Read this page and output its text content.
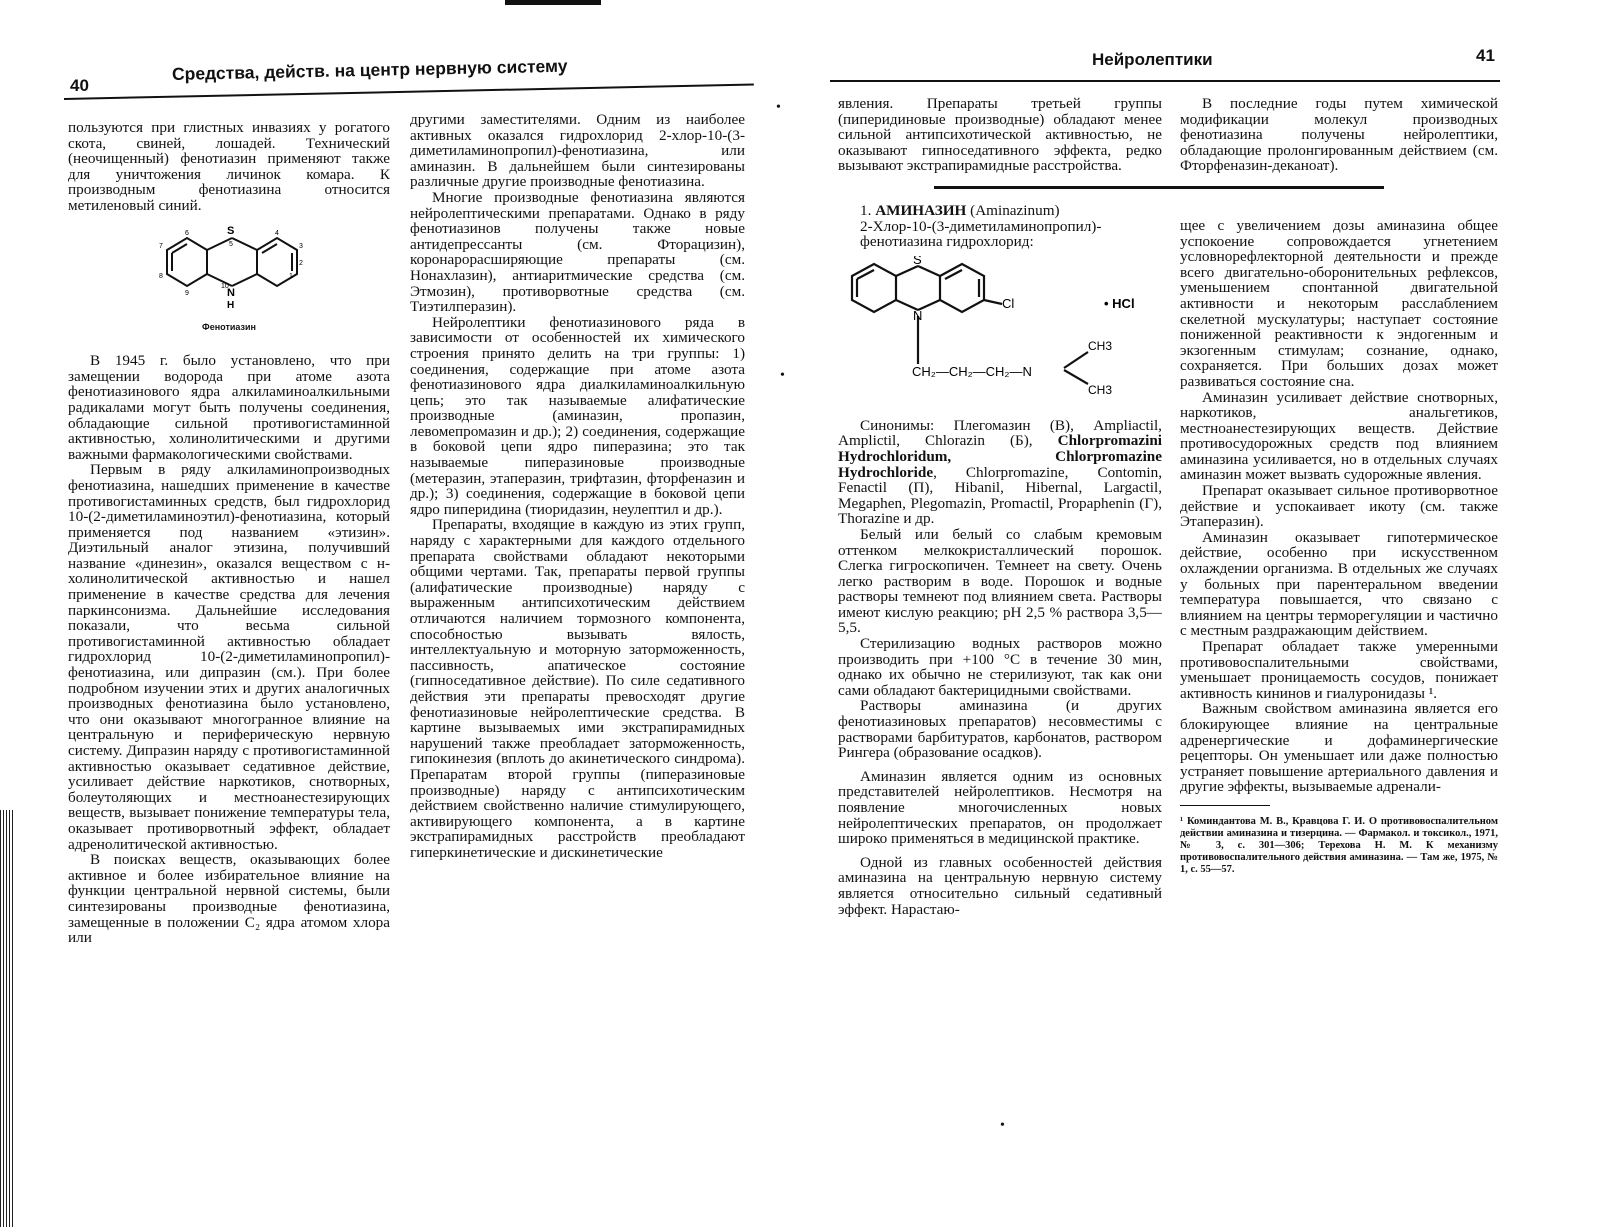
40
Средства, действ. на центр нервную систему

пользуются при глистных инвазиях у рогатого скота, свиней, лошадей. Технический (неочищенный) фенотиазин применяют также для уничтожения личинок комара. К производным фенотиазина относится метиленовый синий.

S
5
N
H
10
1
2
3
4
6
7
8
9
Фенотиазин

В 1945 г. было установлено, что при замещении водорода при атоме азота фенотиазинового ядра алкиламиноалкильными радикалами могут быть получены соединения, обладающие сильной противогистаминной активностью, холинолитическими и другими важными фармакологическими свойствами.

Первым в ряду алкиламинопроизводных фенотиазина, нашедших применение в качестве противогистаминных средств, был гидрохлорид 10-(2-диметиламиноэтил)-фенотиазина, который применяется под названием «этизин». Диэтильный аналог этизина, получивший название «динезин», оказался веществом с н-холинолитической активностью и нашел применение в качестве средства для лечения паркинсонизма. Дальнейшие исследования показали, что весьма сильной противогистаминной активностью обладает гидрохлорид 10-(2-диметиламинопропил)-фенотиазина, или дипразин (см.). При более подробном изучении этих и других аналогичных производных фенотиазина было установлено, что они оказывают многогранное влияние на центральную и периферическую нервную систему. Дипразин наряду с противогистаминной активностью оказывает седативное действие, усиливает действие наркотиков, снотворных, болеутоляющих и местноанестезирующих веществ, вызывает понижение температуры тела, оказывает противорвотный эффект, обладает адренолитической активностью.

В поисках веществ, оказывающих более активное и более избирательное влияние на функции центральной нервной системы, были синтезированы производные фенотиазина, замещенные в положении C₂ ядра атомом хлора или

другими заместителями. Одним из наиболее активных оказался гидрохлорид 2-хлор-10-(3-диметиламинопропил)-фенотиазина, или аминазин. В дальнейшем были синтезированы различные другие производные фенотиазина.

Многие производные фенотиазина являются нейролептическими препаратами. Однако в ряду фенотиазинов получены также новые антидепрессанты (см. Фторацизин), коронарорасширяющие препараты (см. Нонахлазин), антиаритмические средства (см. Этмозин), противорвотные средства (см. Тиэтилперазин).

Нейролептики фенотиазинового ряда в зависимости от особенностей их химического строения принято делить на три группы: 1) соединения, содержащие при атоме азота фенотиазинового ядра диалкиламиноалкильную цепь; это так называемые алифатические производные (аминазин, пропазин, левомепромазин и др.); 2) соединения, содержащие в боковой цепи ядро пиперазина; это так называемые пиперазиновые производные (метеразин, этаперазин, трифтазин, фторфеназин и др.); 3) соединения, содержащие в боковой цепи ядро пиперидина (тиоридазин, неулептил и др.).

Препараты, входящие в каждую из этих групп, наряду с характерными для каждого отдельного препарата свойствами обладают некоторыми общими чертами. Так, препараты первой группы (алифатические производные) наряду с выраженным антипсихотическим действием отличаются наличием тормозного компонента, способностью вызывать вялость, интеллектуальную и моторную заторможенность, пассивность, апатическое состояние (гипноседативное действие). По силе седативного действия эти препараты превосходят другие фенотиазиновые нейролептические средства. В картине вызываемых ими экстрапирамидных нарушений также преобладает заторможенность, гипокинезия (вплоть до акинетического синдрома). Препаратам второй группы (пиперазиновые производные) наряду с антипсихотическим действием свойственно наличие стимулирующего, активирующего компонента, а в картине экстрапирамидных расстройств преобладают гиперкинетические и дискинетические

•
•
Нейролептики	41

явления. Препараты третьей группы (пиперидиновые производные) обладают менее сильной антипсихотической активностью, не оказывают гипноседативного эффекта, редко вызывают экстрапирамидные расстройства.

1. АМИНАЗИН (Aminazinum)

2-Хлор-10-(3-диметиламинопропил)-фенотиазина гидрохлорид:

S
N
Cl	• HCl
CH₂—CH₂—CH₂—N
CH3
CH3

Синонимы: Плегомазин (В), Ampliactil, Amplictil, Chlorazin (Б), Chlorpromazini Hydrochloridum, Chlorpromazine Hydrochloride, Chlorpromazine, Contomin, Fenactil (П), Hibanil, Hibernal, Largactil, Megaphen, Plegomazin, Promactil, Propaphenin (Г), Thorazine и др.

Белый или белый со слабым кремовым оттенком мелкокристаллический порошок. Слегка гигроскопичен. Темнеет на свету. Очень легко растворим в воде. Порошок и водные растворы темнеют под влиянием света. Растворы имеют кислую реакцию; pH 2,5 % раствора 3,5—5,5.

Стерилизацию водных растворов можно производить при +100 °C в течение 30 мин, однако их обычно не стерилизуют, так как они сами обладают бактерицидными свойствами.

Растворы аминазина (и других фенотиазиновых препаратов) несовместимы с растворами барбитуратов, карбонатов, раствором Рингера (образование осадков).

Аминазин является одним из основных представителей нейролептиков. Несмотря на появление многочисленных новых нейролептических препаратов, он продолжает широко применяться в медицинской практике.

Одной из главных особенностей действия аминазина на центральную нервную систему является относительно сильный седативный эффект. Нарастаю-

В последние годы путем химической модификации молекул производных фенотиазина получены нейролептики, обладающие пролонгированным действием (см. Фторфеназин-деканоат).

щее с увеличением дозы аминазина общее успокоение сопровождается угнетением условнорефлекторной деятельности и прежде всего двигательно-оборонительных рефлексов, уменьшением спонтанной двигательной активности и некоторым расслаблением скелетной мускулатуры; наступает состояние пониженной реактивности к эндогенным и экзогенным стимулам; сознание, однако, сохраняется. При больших дозах может развиваться состояние сна.

Аминазин усиливает действие снотворных, наркотиков, анальгетиков, местноанестезирующих веществ. Действие противосудорожных средств под влиянием аминазина усиливается, но в отдельных случаях аминазин может вызвать судорожные явления.

Препарат оказывает сильное противорвотное действие и успокаивает икоту (см. также Этаперазин).

Аминазин оказывает гипотермическое действие, особенно при искусственном охлаждении организма. В отдельных же случаях у больных при парентеральном введении температура повышается, что связано с влиянием на центры терморегуляции и частично с местным раздражающим действием.

Препарат обладает также умеренными противовоспалительными свойствами, уменьшает проницаемость сосудов, понижает активность кининов и гиалуронидазы ¹.

Важным свойством аминазина является его блокирующее влияние на центральные адренергические и дофаминергические рецепторы. Он уменьшает или даже полностью устраняет повышение артериального давления и другие эффекты, вызываемые адренали-

¹ Коминдантова М. В., Кравцова Г. И. О противовоспалительном действии аминазина и тизерцина. — Фармакол. и токсикол., 1971, № 3, с. 301—306; Терехова Н. М. К механизму противовоспалительного действия аминазина. — Там же, 1975, № 1, с. 55—57.
•
